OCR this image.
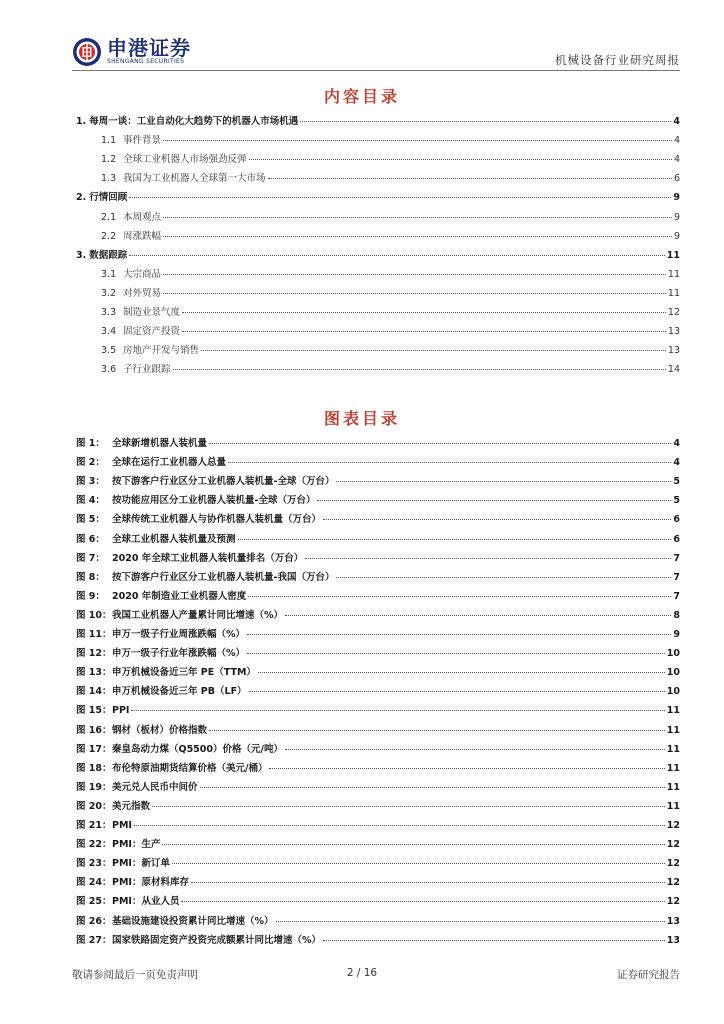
申港证券
SHENGANG SECURITIES	机械设备行业研究周报
内容目录
1. 每周一谈：工业自动化大趋势下的机器人市场机遇	4
1.1 事件背景	4
1.2 全球工业机器人市场强劲反弹	4
1.3 我国为工业机器人全球第一大市场	6
2. 行情回顾	9
2.1 本周观点	9
2.2 周涨跌幅	9
3. 数据跟踪	11
3.1 大宗商品	11
3.2 对外贸易	11
3.3 制造业景气度	12
3.4 固定资产投资	13
3.5 房地产开发与销售	13
3.6 子行业跟踪	14
图表目录
图 1： 全球新增机器人装机量	4
图 2： 全球在运行工业机器人总量	4
图 3： 按下游客户行业区分工业机器人装机量-全球（万台）	5
图 4： 按功能应用区分工业机器人装机量-全球（万台）	5
图 5： 全球传统工业机器人与协作机器人装机量（万台）	6
图 6： 全球工业机器人装机量及预测	6
图 7： 2020 年全球工业机器人装机量排名（万台）	7
图 8： 按下游客户行业区分工业机器人装机量-我国（万台）	7
图 9： 2020 年制造业工业机器人密度	7
图 10：我国工业机器人产量累计同比增速（%）	8
图 11：申万一级子行业周涨跌幅（%）	9
图 12：申万一级子行业年涨跌幅（%）	10
图 13：申万机械设备近三年 PE（TTM）	10
图 14：申万机械设备近三年 PB（LF）	10
图 15：PPI	11
图 16：钢材（板材）价格指数	11
图 17：秦皇岛动力煤（Q5500）价格（元/吨）	11
图 18：布伦特原油期货结算价格（美元/桶）	11
图 19：美元兑人民币中间价	11
图 20：美元指数	11
图 21：PMI	12
图 22：PMI：生产	12
图 23：PMI：新订单	12
图 24：PMI：原材料库存	12
图 25：PMI：从业人员	12
图 26：基础设施建设投资累计同比增速（%）	13
图 27：国家铁路固定资产投资完成额累计同比增速（%）	13
敬请参阅最后一页免责声明	2 / 16	证券研究报告
